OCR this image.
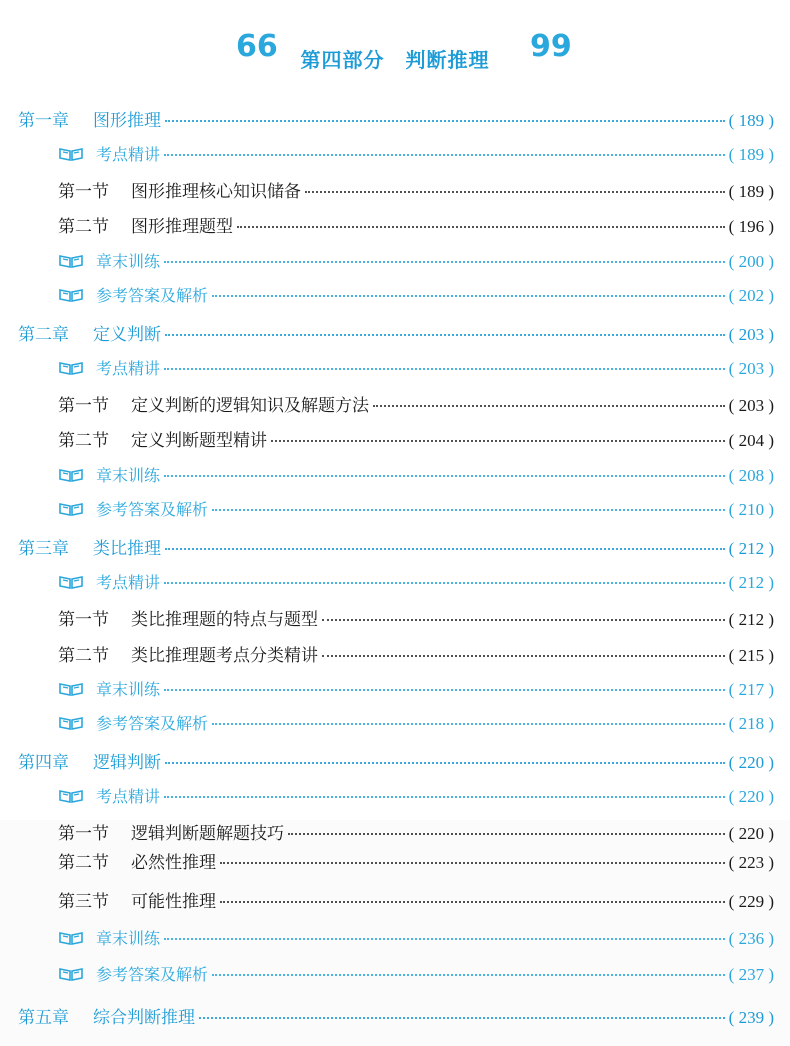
66	第四部分　判断推理	99
第一章 图形推理	( 189 )
考点精讲	( 189 )
第一节 图形推理核心知识储备	( 189 )
第二节 图形推理题型	( 196 )
章末训练	( 200 )
参考答案及解析	( 202 )
第二章 定义判断	( 203 )
考点精讲	( 203 )
第一节 定义判断的逻辑知识及解题方法	( 203 )
第二节 定义判断题型精讲	( 204 )
章末训练	( 208 )
参考答案及解析	( 210 )
第三章 类比推理	( 212 )
考点精讲	( 212 )
第一节 类比推理题的特点与题型	( 212 )
第二节 类比推理题考点分类精讲	( 215 )
章末训练	( 217 )
参考答案及解析	( 218 )
第四章 逻辑判断	( 220 )
考点精讲	( 220 )
第一节 逻辑判断题解题技巧	( 220 )
第二节 必然性推理	( 223 )
第三节 可能性推理	( 229 )
章末训练	( 236 )
参考答案及解析	( 237 )
第五章 综合判断推理	( 239 )
